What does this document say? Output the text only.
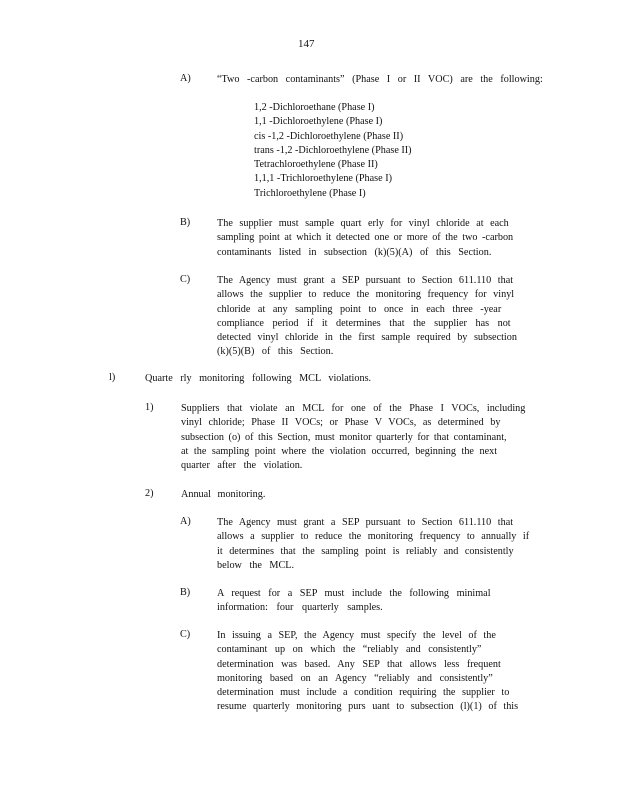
147
A)	“Two -carbon contaminants” (Phase I or II VOC) are the following:
1,2 -Dichloroethane (Phase I)
1,1 -Dichloroethylene (Phase I)
cis -1,2 -Dichloroethylene (Phase II)
trans -1,2 -Dichloroethylene (Phase II)
Tetrachloroethylene (Phase II)
1,1,1 -Trichloroethylene (Phase I)
Trichloroethylene (Phase I)
B)	The supplier must sample quart erly for vinyl chloride at each
sampling point at which it detected one or more of the two -carbon
contaminants listed in subsection (k)(5)(A) of this Section.
C)	The Agency must grant a SEP pursuant to Section 611.110 that
allows the supplier to reduce the monitoring frequency for vinyl
chloride at any sampling point to once in each three -year
compliance period if it determines that the supplier has not
detected vinyl chloride in the first sample required by subsection
(k)(5)(B) of this Section.
l)	Quarte rly monitoring following MCL violations.
1)	Suppliers that violate an MCL for one of the Phase I VOCs, including
vinyl chloride; Phase II VOCs; or Phase V VOCs, as determined by
subsection (o) of this Section, must monitor quarterly for that contaminant,
at the sampling point where the violation occurred, beginning the next
quarter after the violation.
2)	Annual monitoring.
A)	The Agency must grant a SEP pursuant to Section 611.110 that
allows a supplier to reduce the monitoring frequency to annually if
it determines that the sampling point is reliably and consistently
below the MCL.
B)	A request for a SEP must include the following minimal
information: four quarterly samples.
C)	In issuing a SEP, the Agency must specify the level of the
contaminant up on which the “reliably and consistently”
determination was based. Any SEP that allows less frequent
monitoring based on an Agency “reliably and consistently”
determination must include a condition requiring the supplier to
resume quarterly monitoring purs uant to subsection (l)(1) of this
